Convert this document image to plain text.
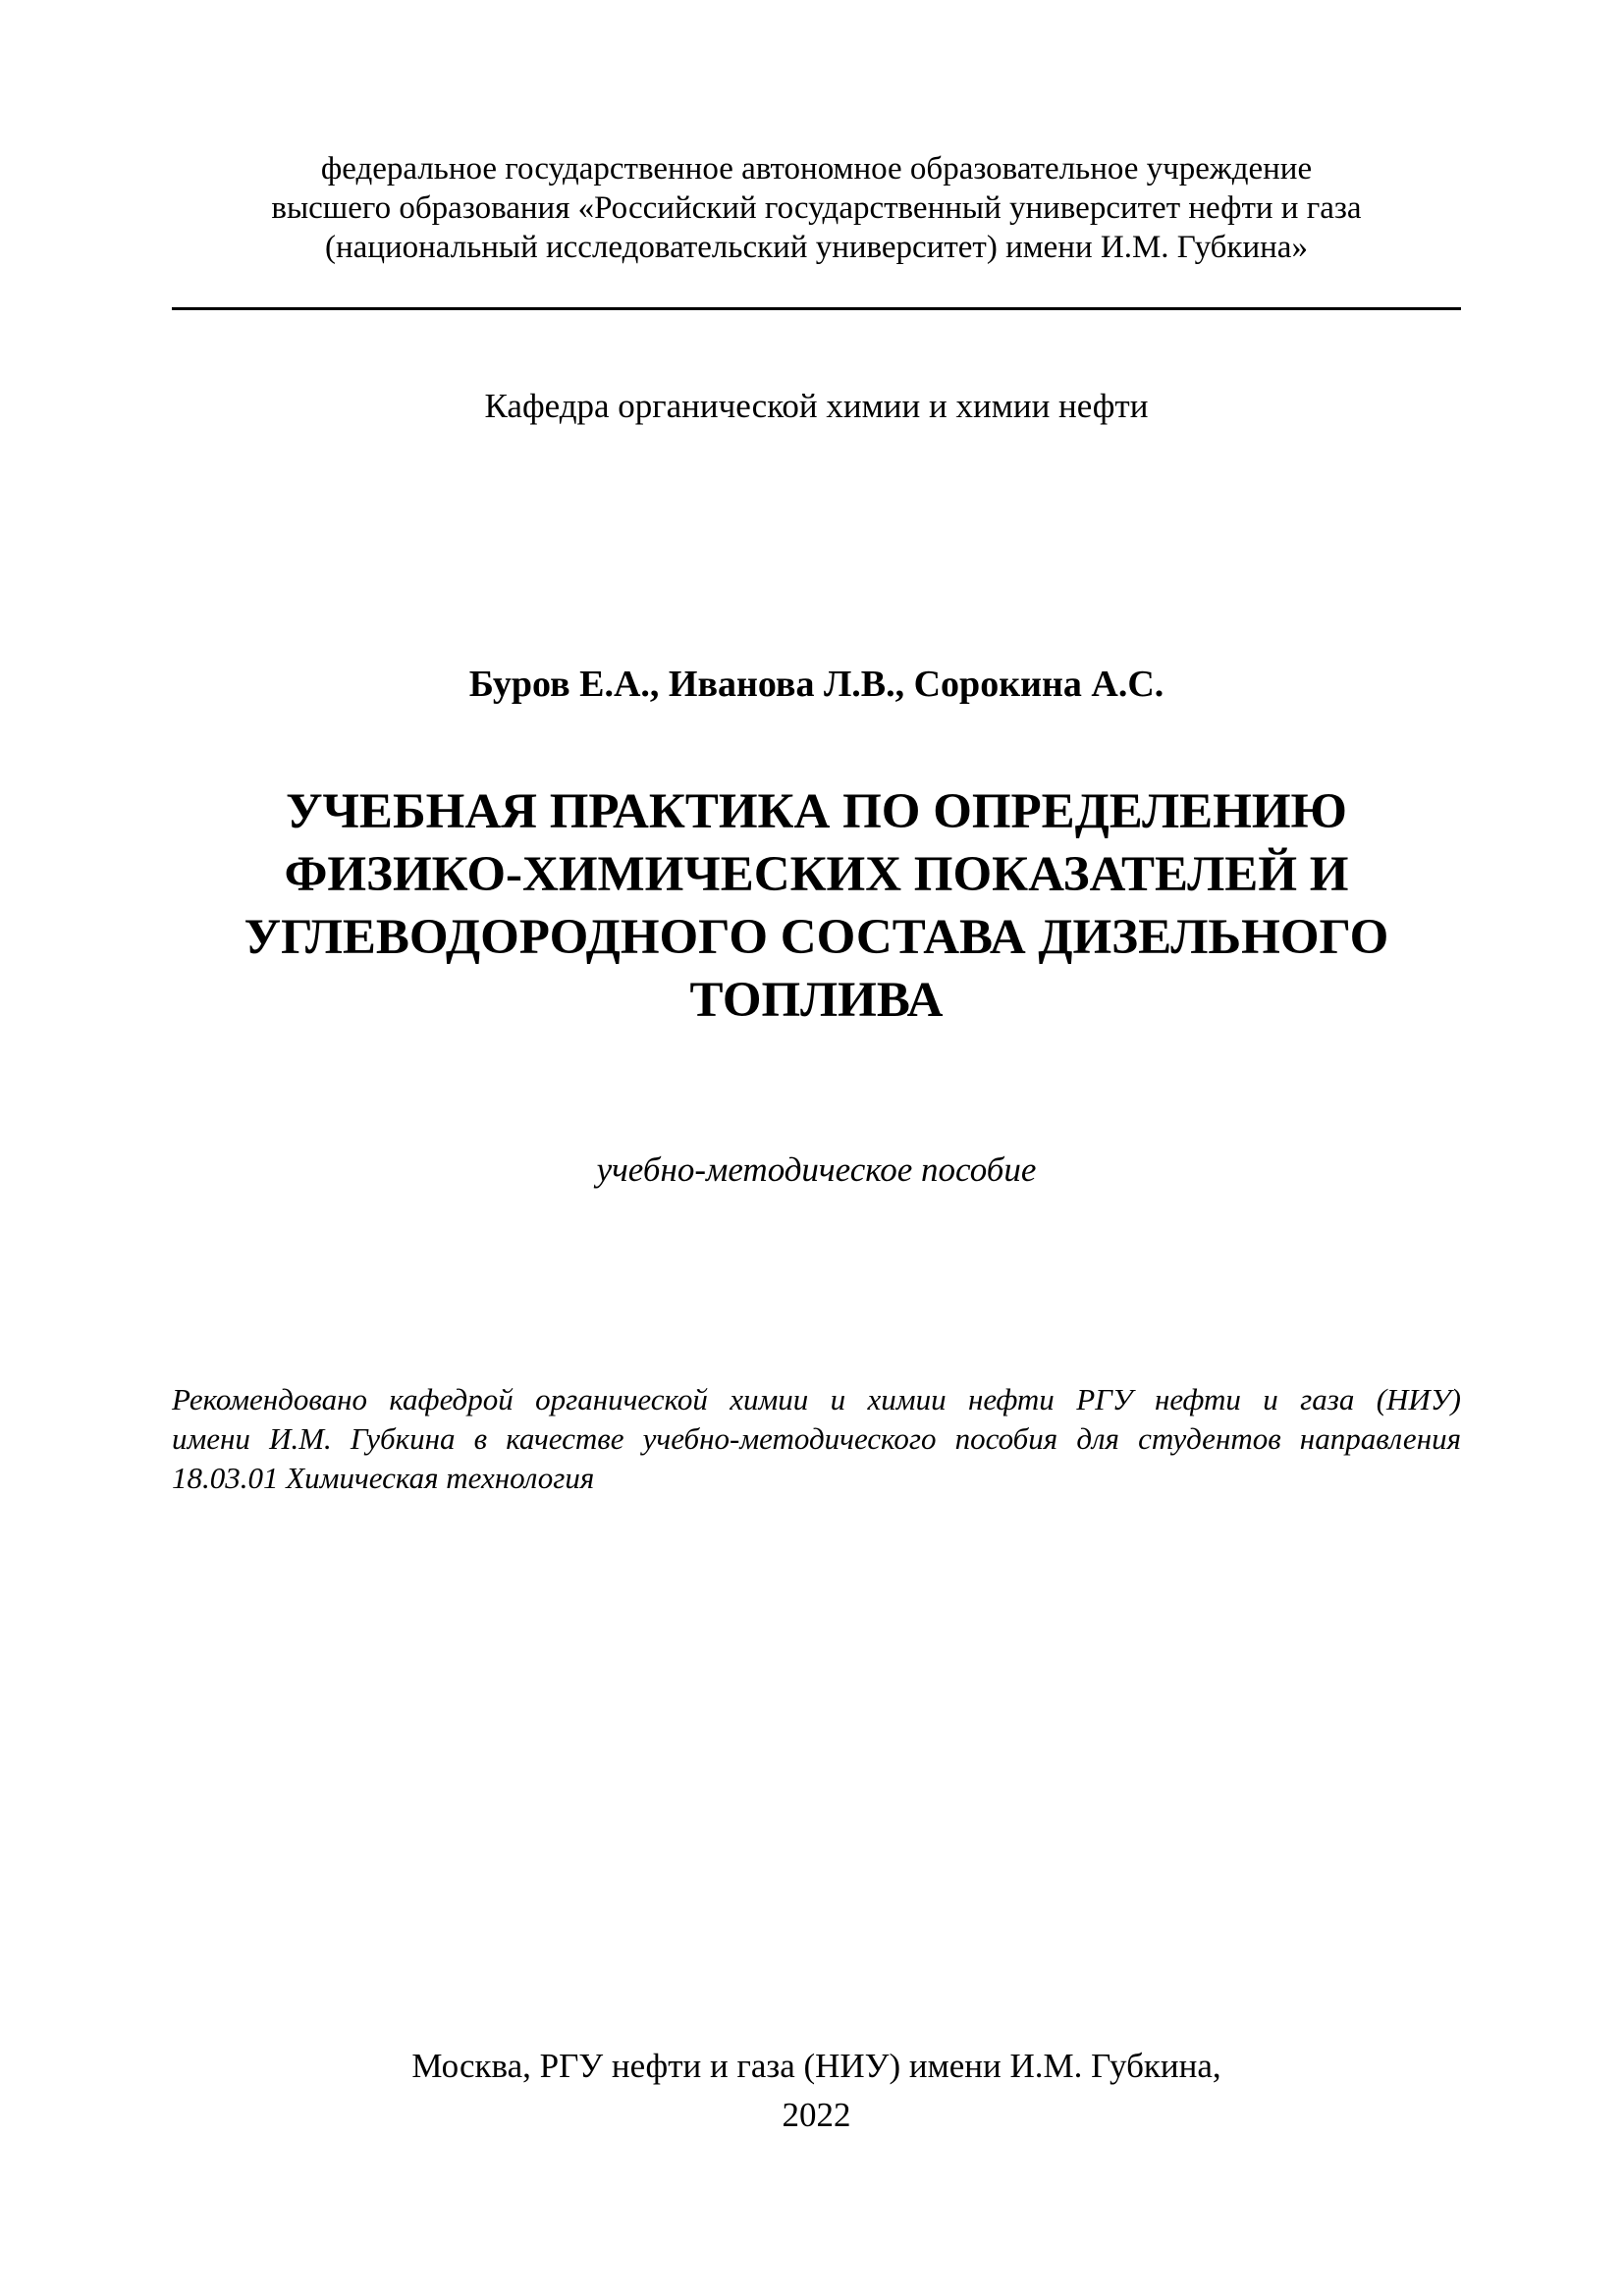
федеральное государственное автономное образовательное учреждение
высшего образования «Российский государственный университет нефти и газа
(национальный исследовательский университет) имени И.М. Губкина»
Кафедра органической химии и химии нефти
Буров Е.А., Иванова Л.В., Сорокина А.С.
УЧЕБНАЯ ПРАКТИКА ПО ОПРЕДЕЛЕНИЮ
ФИЗИКО-ХИМИЧЕСКИХ ПОКАЗАТЕЛЕЙ И
УГЛЕВОДОРОДНОГО СОСТАВА ДИЗЕЛЬНОГО
ТОПЛИВА
учебно-методическое пособие
Рекомендовано кафедрой органической химии и химии нефти РГУ нефти и газа (НИУ)
имени И.М. Губкина в качестве учебно-методического пособия для студентов направления
18.03.01 Химическая технология
Москва, РГУ нефти и газа (НИУ) имени И.М. Губкина,
2022
